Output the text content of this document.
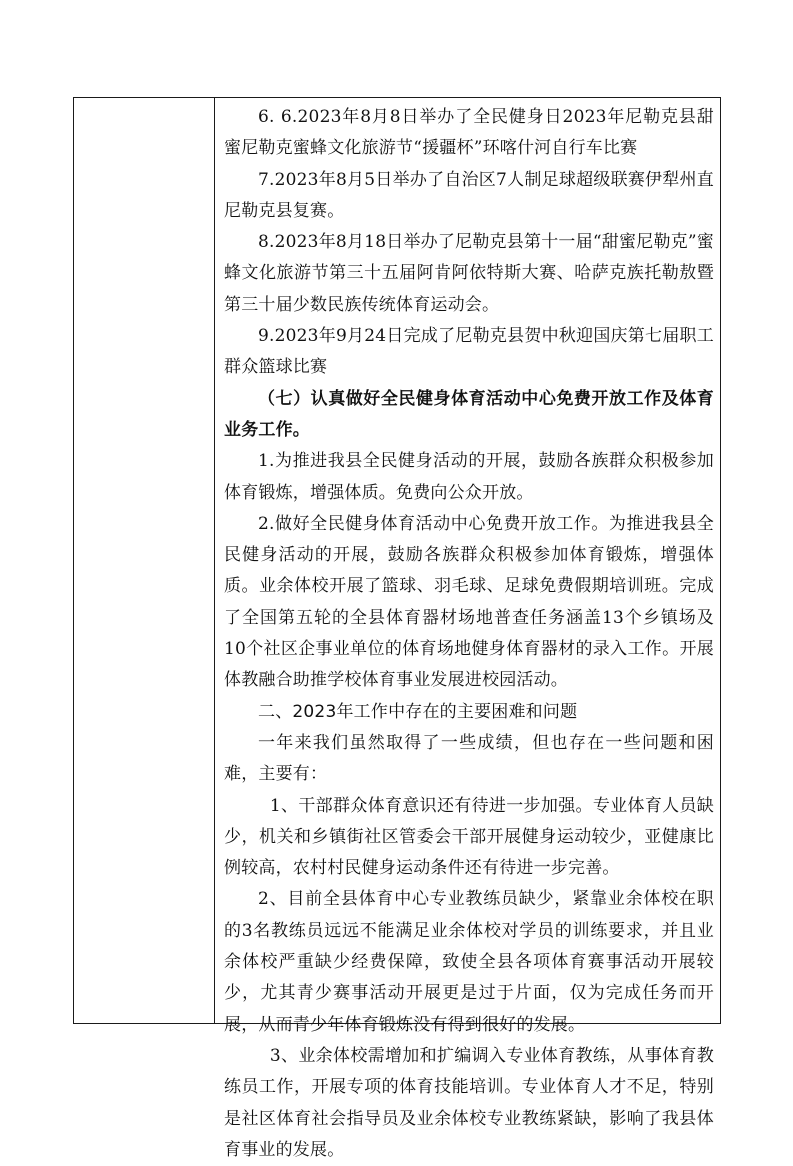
6. 6.2023年8月8日举办了全民健身日2023年尼勒克县甜蜜尼勒克蜜蜂文化旅游节“援疆杯”环喀什河自行车比赛

7.2023年8月5日举办了自治区7人制足球超级联赛伊犁州直尼勒克县复赛。

8.2023年8月18日举办了尼勒克县第十一届“甜蜜尼勒克”蜜蜂文化旅游节第三十五届阿肯阿依特斯大赛、哈萨克族托勒敖暨第三十届少数民族传统体育运动会。

9.2023年9月24日完成了尼勒克县贺中秋迎国庆第七届职工群众篮球比赛

（七）认真做好全民健身体育活动中心免费开放工作及体育业务工作。

1.为推进我县全民健身活动的开展，鼓励各族群众积极参加体育锻炼，增强体质。免费向公众开放。

2.做好全民健身体育活动中心免费开放工作。为推进我县全民健身活动的开展，鼓励各族群众积极参加体育锻炼，增强体质。业余体校开展了篮球、羽毛球、足球免费假期培训班。完成了全国第五轮的全县体育器材场地普查任务涵盖13个乡镇场及10个社区企事业单位的体育场地健身体育器材的录入工作。开展体教融合助推学校体育事业发展进校园活动。

二、2023年工作中存在的主要困难和问题

一年来我们虽然取得了一些成绩，但也存在一些问题和困难，主要有：

1、干部群众体育意识还有待进一步加强。专业体育人员缺少，机关和乡镇街社区管委会干部开展健身运动较少，亚健康比例较高，农村村民健身运动条件还有待进一步完善。

2、目前全县体育中心专业教练员缺少，紧靠业余体校在职的3名教练员远远不能满足业余体校对学员的训练要求，并且业余体校严重缺少经费保障，致使全县各项体育赛事活动开展较少，尤其青少赛事活动开展更是过于片面，仅为完成任务而开展，从而青少年体育锻炼没有得到很好的发展。

3、业余体校需增加和扩编调入专业体育教练，从事体育教练员工作，开展专项的体育技能培训。专业体育人才不足，特别是社区体育社会指导员及业余体校专业教练紧缺，影响了我县体育事业的发展。
